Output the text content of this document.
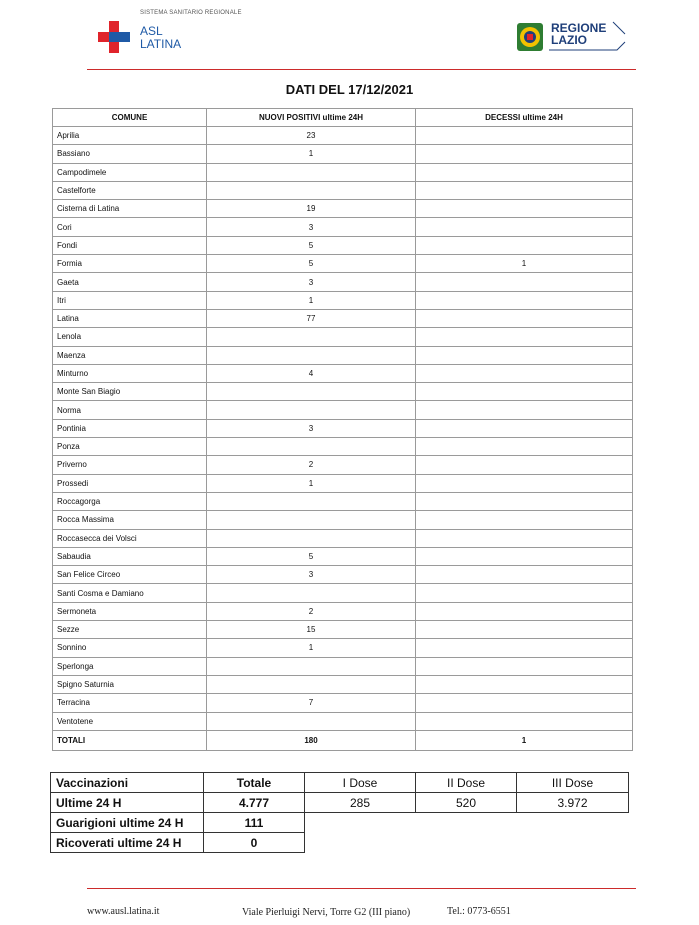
SISTEMA SANITARIO REGIONALE
ASL
LATINA
REGIONE
LAZIO
DATI DEL 17/12/2021
COMUNE	NUOVI POSITIVI ultime 24H	DECESSI ultime 24H
Aprilia	23	
Bassiano	1	
Campodimele		
Castelforte		
Cisterna di Latina	19	
Cori	3	
Fondi	5	
Formia	5	1
Gaeta	3	
Itri	1	
Latina	77	
Lenola		
Maenza		
Minturno	4	
Monte San Biagio		
Norma		
Pontinia	3	
Ponza		
Priverno	2	
Prossedi	1	
Roccagorga		
Rocca Massima		
Roccasecca dei Volsci		
Sabaudia	5	
San Felice Circeo	3	
Santi Cosma e Damiano		
Sermoneta	2	
Sezze	15	
Sonnino	1	
Sperlonga		
Spigno Saturnia		
Terracina	7	
Ventotene		
TOTALI	180	1
Vaccinazioni	Totale	I Dose	II Dose	III Dose
Ultime 24 H	4.777	285	520	3.972
Guarigioni ultime 24 H	111			
Ricoverati ultime 24 H	0			
www.ausl.latina.it	Viale Pierluigi Nervi, Torre G2 (III piano)	Tel.: 0773-6551
